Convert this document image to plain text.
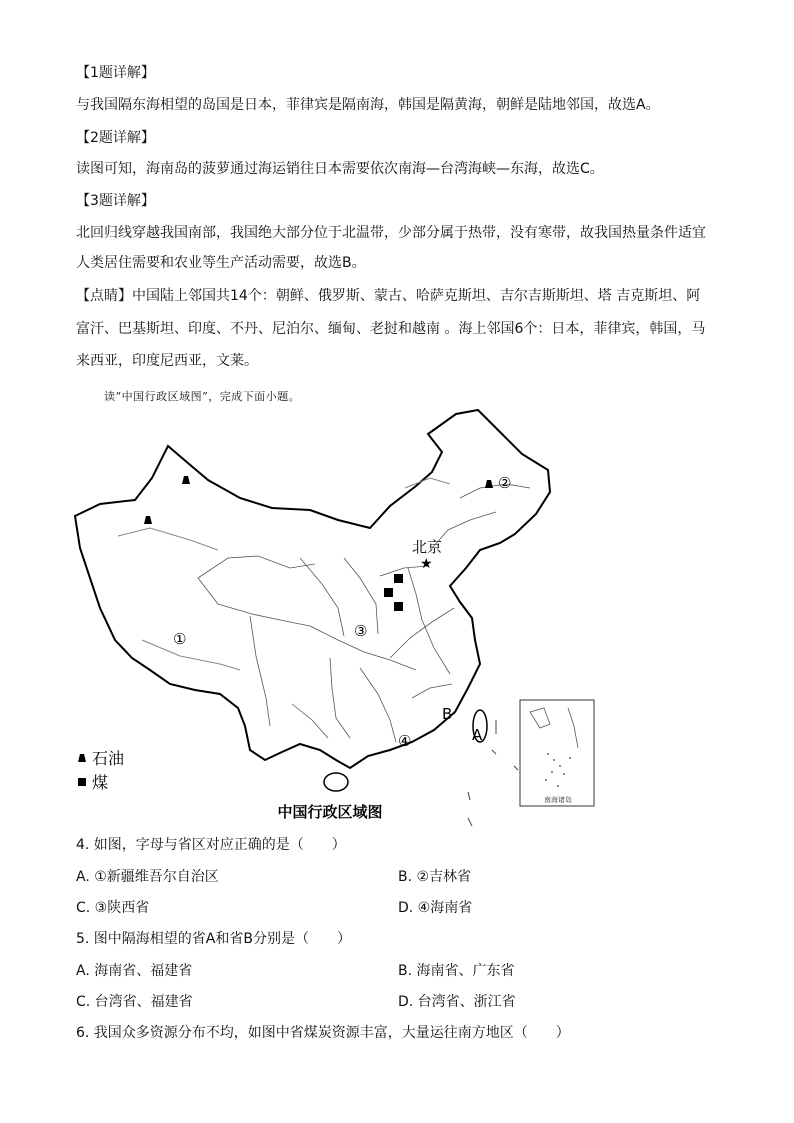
【1题详解】
与我国隔东海相望的岛国是日本，菲律宾是隔南海，韩国是隔黄海，朝鲜是陆地邻国，故选A。
【2题详解】
读图可知，海南岛的菠萝通过海运销往日本需要依次南海—台湾海峡—东海，故选C。
【3题详解】
北回归线穿越我国南部，我国绝大部分位于北温带，少部分属于热带，没有寒带，故我国热量条件适宜
人类居住需要和农业等生产活动需要，故选B。
【点睛】中国陆上邻国共14个：朝鲜、俄罗斯、蒙古、哈萨克斯坦、吉尔吉斯斯坦、塔 吉克斯坦、阿
富汗、巴基斯坦、印度、不丹、尼泊尔、缅甸、老挝和越南 。海上邻国6个：日本，菲律宾，韩国，马
来西亚，印度尼西亚，文莱。
读“中国行政区域图”，完成下面小题。
北京
★
①
②
③
④
B
A
南海诸岛
石油
煤
中国行政区域图
4. 如图，字母与省区对应正确的是（　　）
A. ①新疆维吾尔自治区	B. ②吉林省
C. ③陕西省	D. ④海南省
5. 图中隔海相望的省A和省B分别是（　　）
A. 海南省、福建省	B. 海南省、广东省
C. 台湾省、福建省	D. 台湾省、浙江省
6. 我国众多资源分布不均，如图中省煤炭资源丰富，大量运往南方地区（　　）
